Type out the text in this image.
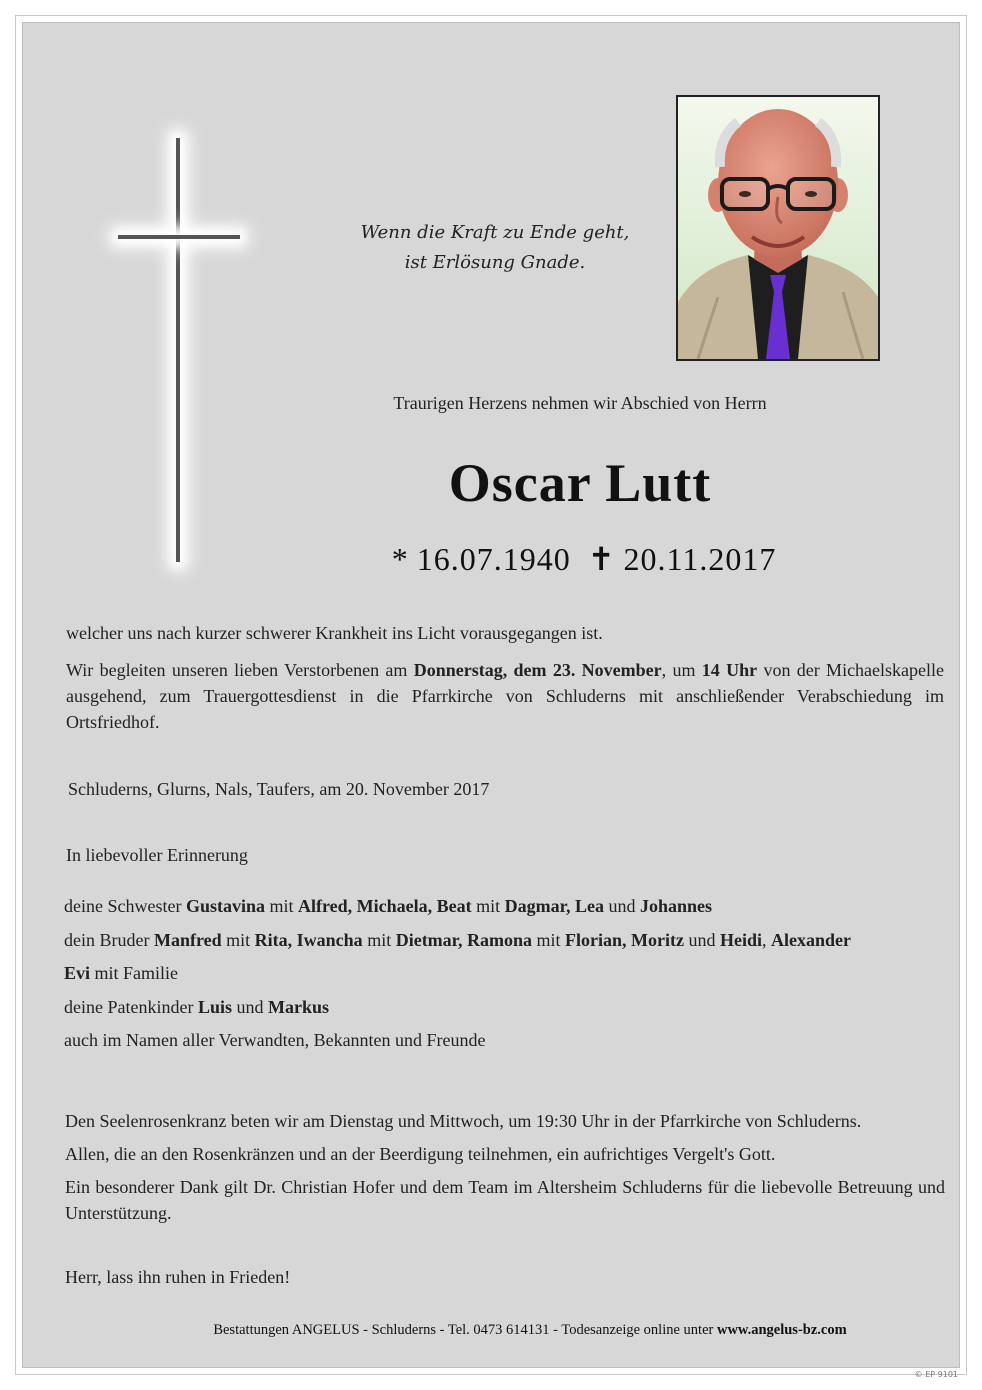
Wenn die Kraft zu Ende geht,
ist Erlösung Gnade.
Traurigen Herzens nehmen wir Abschied von Herrn
Oscar Lutt
* 16.07.1940 ✝ 20.11.2017
welcher uns nach kurzer schwerer Krankheit ins Licht vorausgegangen ist.
Wir begleiten unseren lieben Verstorbenen am Donnerstag, dem 23. November, um 14 Uhr von der Michaelskapelle ausgehend, zum Trauergottesdienst in die Pfarrkirche von Schluderns mit anschließender Verabschiedung im Ortsfriedhof.
Schluderns, Glurns, Nals, Taufers, am 20. November 2017
In liebevoller Erinnerung
deine Schwester Gustavina mit Alfred, Michaela, Beat mit Dagmar, Lea und Johannes
dein Bruder Manfred mit Rita, Iwancha mit Dietmar, Ramona mit Florian, Moritz und Heidi, Alexander
Evi mit Familie
deine Patenkinder Luis und Markus
auch im Namen aller Verwandten, Bekannten und Freunde
Den Seelenrosenkranz beten wir am Dienstag und Mittwoch, um 19:30 Uhr in der Pfarrkirche von Schluderns.
Allen, die an den Rosenkränzen und an der Beerdigung teilnehmen, ein aufrichtiges Vergelt's Gott.
Ein besonderer Dank gilt Dr. Christian Hofer und dem Team im Altersheim Schluderns für die liebevolle Betreuung und Unterstützung.
Herr, lass ihn ruhen in Frieden!
Bestattungen ANGELUS - Schluderns - Tel. 0473 614131 - Todesanzeige online unter www.angelus-bz.com
© EP 9101
